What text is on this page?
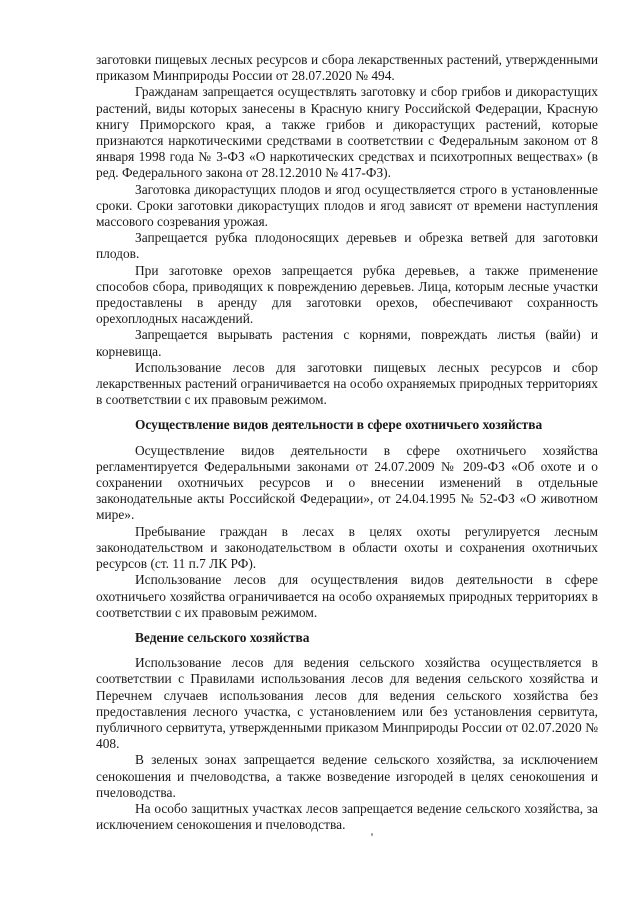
заготовки пищевых лесных ресурсов и сбора лекарственных растений, утвержденными приказом Минприроды России от 28.07.2020 № 494.

Гражданам запрещается осуществлять заготовку и сбор грибов и дикорастущих растений, виды которых занесены в Красную книгу Российской Федерации, Красную книгу Приморского края, а также грибов и дикорастущих растений, которые признаются наркотическими средствами в соответствии с Федеральным законом от 8 января 1998 года № 3-ФЗ «О наркотических средствах и психотропных веществах» (в ред. Федерального закона от 28.12.2010 № 417-ФЗ).

Заготовка дикорастущих плодов и ягод осуществляется строго в установленные сроки. Сроки заготовки дикорастущих плодов и ягод зависят от времени наступления массового созревания урожая.

Запрещается рубка плодоносящих деревьев и обрезка ветвей для заготовки плодов.

При заготовке орехов запрещается рубка деревьев, а также применение способов сбора, приводящих к повреждению деревьев. Лица, которым лесные участки предоставлены в аренду для заготовки орехов, обеспечивают сохранность орехоплодных насаждений.

Запрещается вырывать растения с корнями, повреждать листья (вайи) и корневища.

Использование лесов для заготовки пищевых лесных ресурсов и сбор лекарственных растений ограничивается на особо охраняемых природных территориях в соответствии с их правовым режимом.

Осуществление видов деятельности в сфере охотничьего хозяйства

Осуществление видов деятельности в сфере охотничьего хозяйства регламентируется Федеральными законами от 24.07.2009 № 209-ФЗ «Об охоте и о сохранении охотничьих ресурсов и о внесении изменений в отдельные законодательные акты Российской Федерации», от 24.04.1995 № 52-ФЗ «О животном мире».

Пребывание граждан в лесах в целях охоты регулируется лесным законодательством и законодательством в области охоты и сохранения охотничьих ресурсов (ст. 11 п.7 ЛК РФ).

Использование лесов для осуществления видов деятельности в сфере охотничьего хозяйства ограничивается на особо охраняемых природных территориях в соответствии с их правовым режимом.

Ведение сельского хозяйства

Использование лесов для ведения сельского хозяйства осуществляется в соответствии с Правилами использования лесов для ведения сельского хозяйства и Перечнем случаев использования лесов для ведения сельского хозяйства без предоставления лесного участка, с установлением или без установления сервитута, публичного сервитута, утвержденными приказом Минприроды России от 02.07.2020 № 408.

В зеленых зонах запрещается ведение сельского хозяйства, за исключением сенокошения и пчеловодства, а также возведение изгородей в целях сенокошения и пчеловодства.

На особо защитных участках лесов запрещается ведение сельского хозяйства, за исключением сенокошения и пчеловодства.
